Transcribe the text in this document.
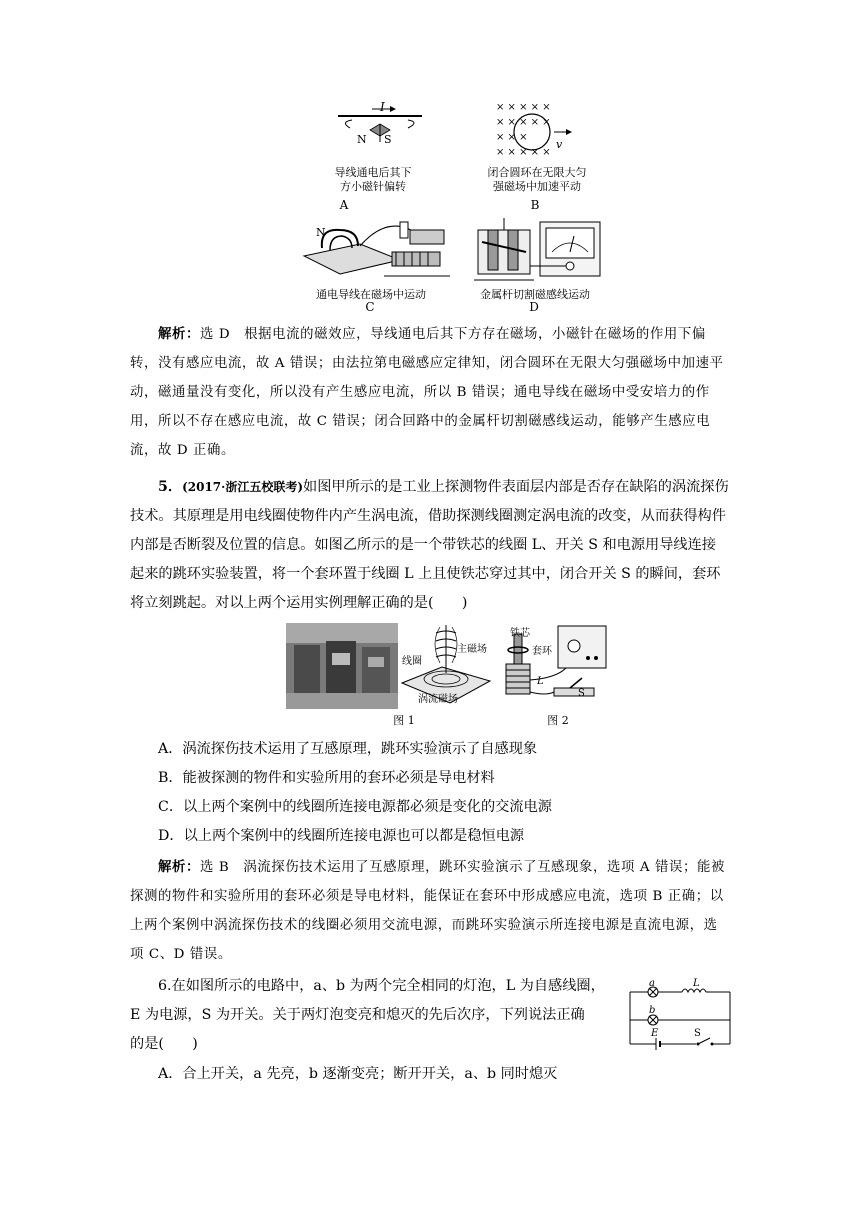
I
N S
导线通电后其下
方小磁针偏转
A
× × × × ×
× × × × ×
× × ×
× × × × ×
v
闭合圆环在无限大匀
强磁场中加速平动
B
N
通电导线在磁场中运动
C
金属杆切割磁感线运动
D
解析：选 D　根据电流的磁效应，导线通电后其下方存在磁场，小磁针在磁场的作用下偏转，没有感应电流，故 A 错误；由法拉第电磁感应定律知，闭合圆环在无限大匀强磁场中加速平动，磁通量没有变化，所以没有产生感应电流，所以 B 错误；通电导线在磁场中受安培力的作用，所以不存在感应电流，故 C 错误；闭合回路中的金属杆切割磁感线运动，能够产生感应电流，故 D 正确。
5．(2017·浙江五校联考)如图甲所示的是工业上探测物件表面层内部是否存在缺陷的涡流探伤技术。其原理是用电线圈使物件内产生涡电流，借助探测线圈测定涡电流的改变，从而获得构件内部是否断裂及位置的信息。如图乙所示的是一个带铁芯的线圈 L、开关 S 和电源用导线连接起来的跳环实验装置，将一个套环置于线圈 L 上且使铁芯穿过其中，闭合开关 S 的瞬间，套环将立刻跳起。对以上两个运用实例理解正确的是(　　)
线圈
主磁场
涡流磁场
铁芯
套环
L
S
图 1	图 2
A．涡流探伤技术运用了互感原理，跳环实验演示了自感现象
B．能被探测的物件和实验所用的套环必须是导电材料
C．以上两个案例中的线圈所连接电源都必须是变化的交流电源
D．以上两个案例中的线圈所连接电源也可以都是稳恒电源
解析：选 B　涡流探伤技术运用了互感原理，跳环实验演示了互感现象，选项 A 错误；能被探测的物件和实验所用的套环必须是导电材料，能保证在套环中形成感应电流，选项 B 正确；以上两个案例中涡流探伤技术的线圈必须用交流电源，而跳环实验演示所连接电源是直流电源，选项 C、D 错误。
6.在如图所示的电路中，a、b 为两个完全相同的灯泡，L 为自感线圈，
E 为电源，S 为开关。关于两灯泡变亮和熄灭的先后次序，下列说法正确
的是(　　)
a	L
b
E	S
A．合上开关，a 先亮，b 逐渐变亮；断开开关，a、b 同时熄灭
